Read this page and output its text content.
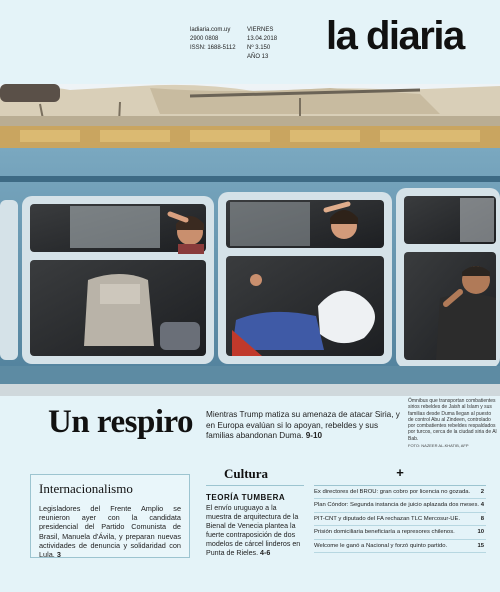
ladiaria.com.uy
2900 0808
ISSN: 1688-5112
VIERNES
13.04.2018
Nº 3.150
AÑO 13 la diaria
Un respiro Mientras Trump matiza su amenaza de atacar Siria, y en Europa evalúan si lo apoyan, rebeldes y sus familias abandonan Duma. 9-10

Ómnibus que transportan combatientes sirios rebeldes de Jaish al Islam y sus familias desde Duma llegan al puesto de control Abu al Zindeen, controlado por combatientes rebeldes respaldados por turcos, cerca de la ciudad siria de Al Bab.
FOTO: NAZEER AL-KHATIB, AFP
Internacionalismo

Legisladores del Frente Amplio se reunieron ayer con la candidata presidencial del Partido Comunista de Brasil, Manuela d'Ávila, y preparan nuevas actividades de denuncia y solidaridad con Lula. 3

Cultura
TEORÍA TUMBERA

El envío uruguayo a la muestra de arquitectura de la Bienal de Venecia plantea la fuerte contraposición de dos modelos de cárcel linderos en Punta de Rieles. 4-6

+
Ex directores del BROU: gran cobro por licencia no gozada. 2
Plan Cóndor: Segunda instancia de juicio aplazada dos meses. 4
PIT-CNT y diputado del FA rechazan TLC Mercosur-UE.	8
Prisión domiciliaria beneficiaría a represores chilenos.	10
Welcome le ganó a Nacional y forzó quinto partido.	15
